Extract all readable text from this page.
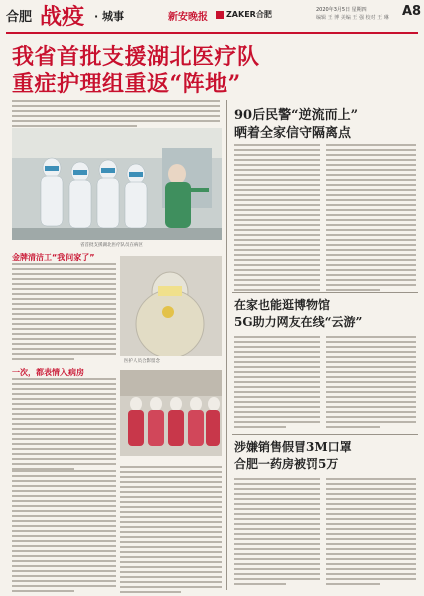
合肥 战疫 · 城事	新安晚报	ZAKER合肥	2020年3月5日 星期四
编辑 王 博 美编 王 强 校对 王 琳	A8
我省首批支援湖北医疗队
重症护理组重返“阵地”
省首批支援湖北医疗队员在病区
金牌清洁工“我问家了”
医护人员合影留念
一次，都表情入病房
90后民警“逆流而上”
晒着全家信守隔离点
在家也能逛博物馆
5G助力网友在线“云游”
涉嫌销售假冒3M口罩
合肥一药房被罚5万
